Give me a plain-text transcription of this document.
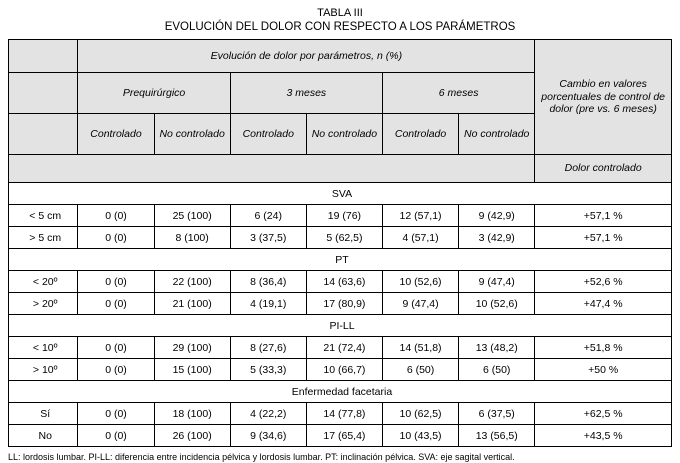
TABLA III
EVOLUCIÓN DEL DOLOR CON RESPECTO A LOS PARÁMETROS
	Evolución de dolor por parámetros, n (%)						Cambio en valores porcentuales de control de dolor (pre vs. 6 meses)
	Prequirúrgico		3 meses		6 meses		
	Controlado	No controlado	Controlado	No controlado	Controlado	No controlado	
							Dolor controlado
SVA							
< 5 cm	0 (0)	25 (100)	6 (24)	19 (76)	12 (57,1)	9 (42,9)	+57,1 %
> 5 cm	0 (0)	8 (100)	3 (37,5)	5 (62,5)	4 (57,1)	3 (42,9)	+57,1 %
PT							
< 20º	0 (0)	22 (100)	8 (36,4)	14 (63,6)	10 (52,6)	9 (47,4)	+52,6 %
> 20º	0 (0)	21 (100)	4 (19,1)	17 (80,9)	9 (47,4)	10 (52,6)	+47,4 %
PI-LL							
< 10º	0 (0)	29 (100)	8 (27,6)	21 (72,4)	14 (51,8)	13 (48,2)	+51,8 %
> 10º	0 (0)	15 (100)	5 (33,3)	10 (66,7)	6 (50)	6 (50)	+50 %
Enfermedad facetaria							
Sí	0 (0)	18 (100)	4 (22,2)	14 (77,8)	10 (62,5)	6 (37,5)	+62,5 %
No	0 (0)	26 (100)	9 (34,6)	17 (65,4)	10 (43,5)	13 (56,5)	+43,5 %
LL: lordosis lumbar. PI-LL: diferencia entre incidencia pélvica y lordosis lumbar. PT: inclinación pélvica. SVA: eje sagital vertical.
